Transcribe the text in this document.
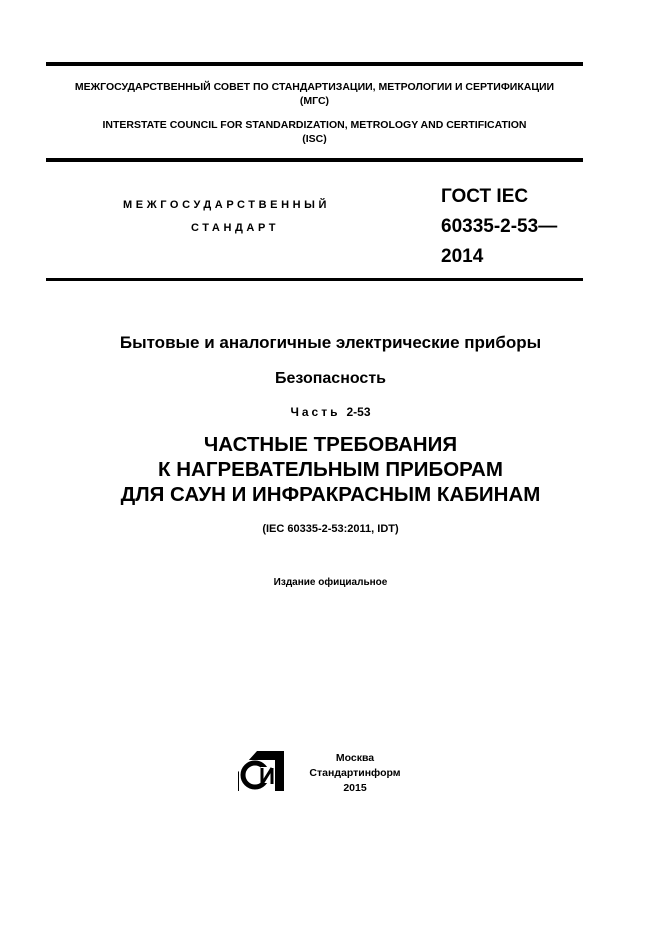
МЕЖГОСУДАРСТВЕННЫЙ СОВЕТ ПО СТАНДАРТИЗАЦИИ, МЕТРОЛОГИИ И СЕРТИФИКАЦИИ
(МГС)
INTERSTATE COUNCIL FOR STANDARDIZATION, METROLOGY AND CERTIFICATION
(ISC)
МЕЖГОСУДАРСТВЕННЫЙ
СТАНДАРТ
ГОСТ IEC
60335-2-53—
2014
Бытовые и аналогичные электрические приборы
Безопасность
Часть 2-53
ЧАСТНЫЕ ТРЕБОВАНИЯ
К НАГРЕВАТЕЛЬНЫМ ПРИБОРАМ
ДЛЯ САУН И ИНФРАКРАСНЫМ КАБИНАМ
(IEC 60335-2-53:2011, IDT)
Издание официальное
Москва
Стандартинформ
2015
